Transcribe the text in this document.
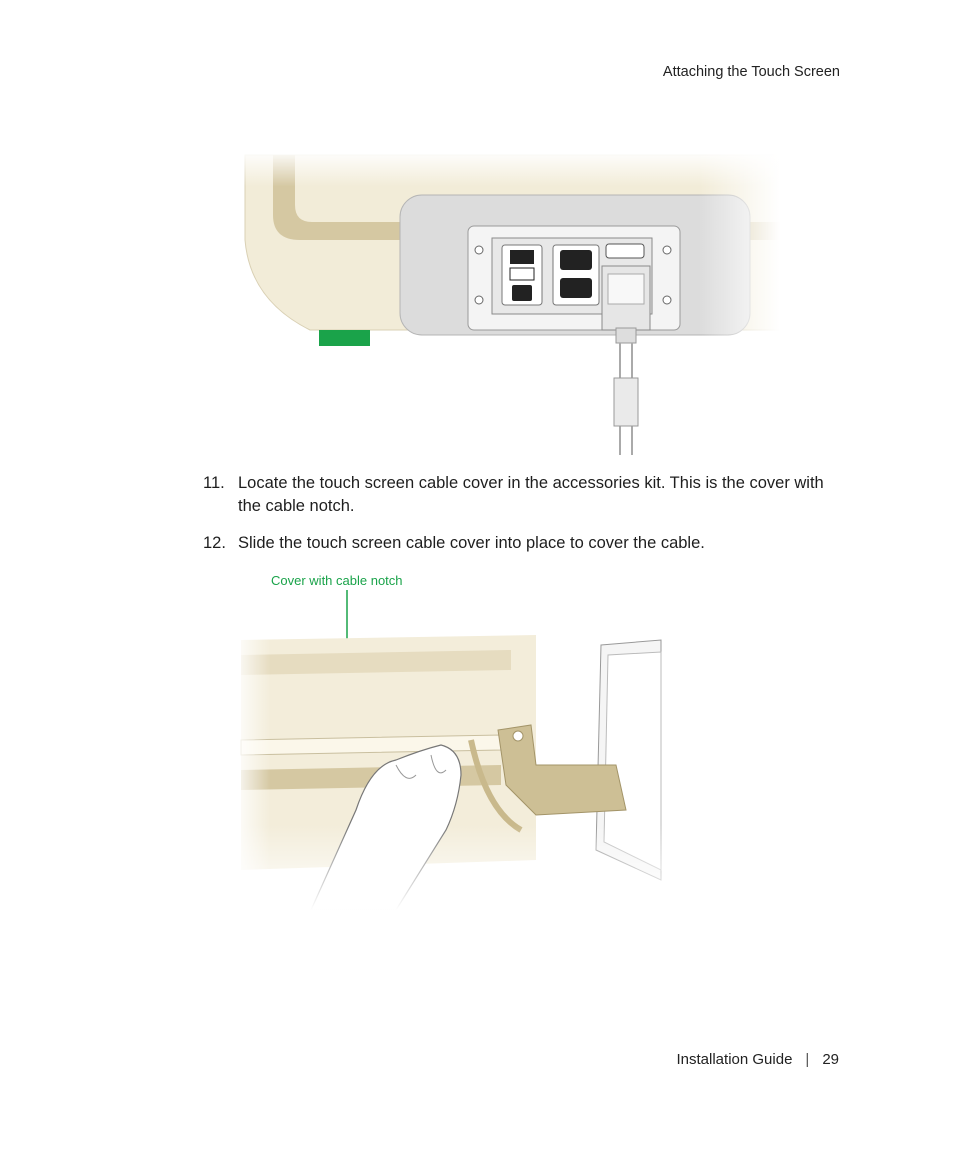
Attaching the Touch Screen
11. Locate the touch screen cable cover in the accessories kit. This is the cover with the cable notch.
12. Slide the touch screen cable cover into place to cover the cable.
Installation Guide | 29
